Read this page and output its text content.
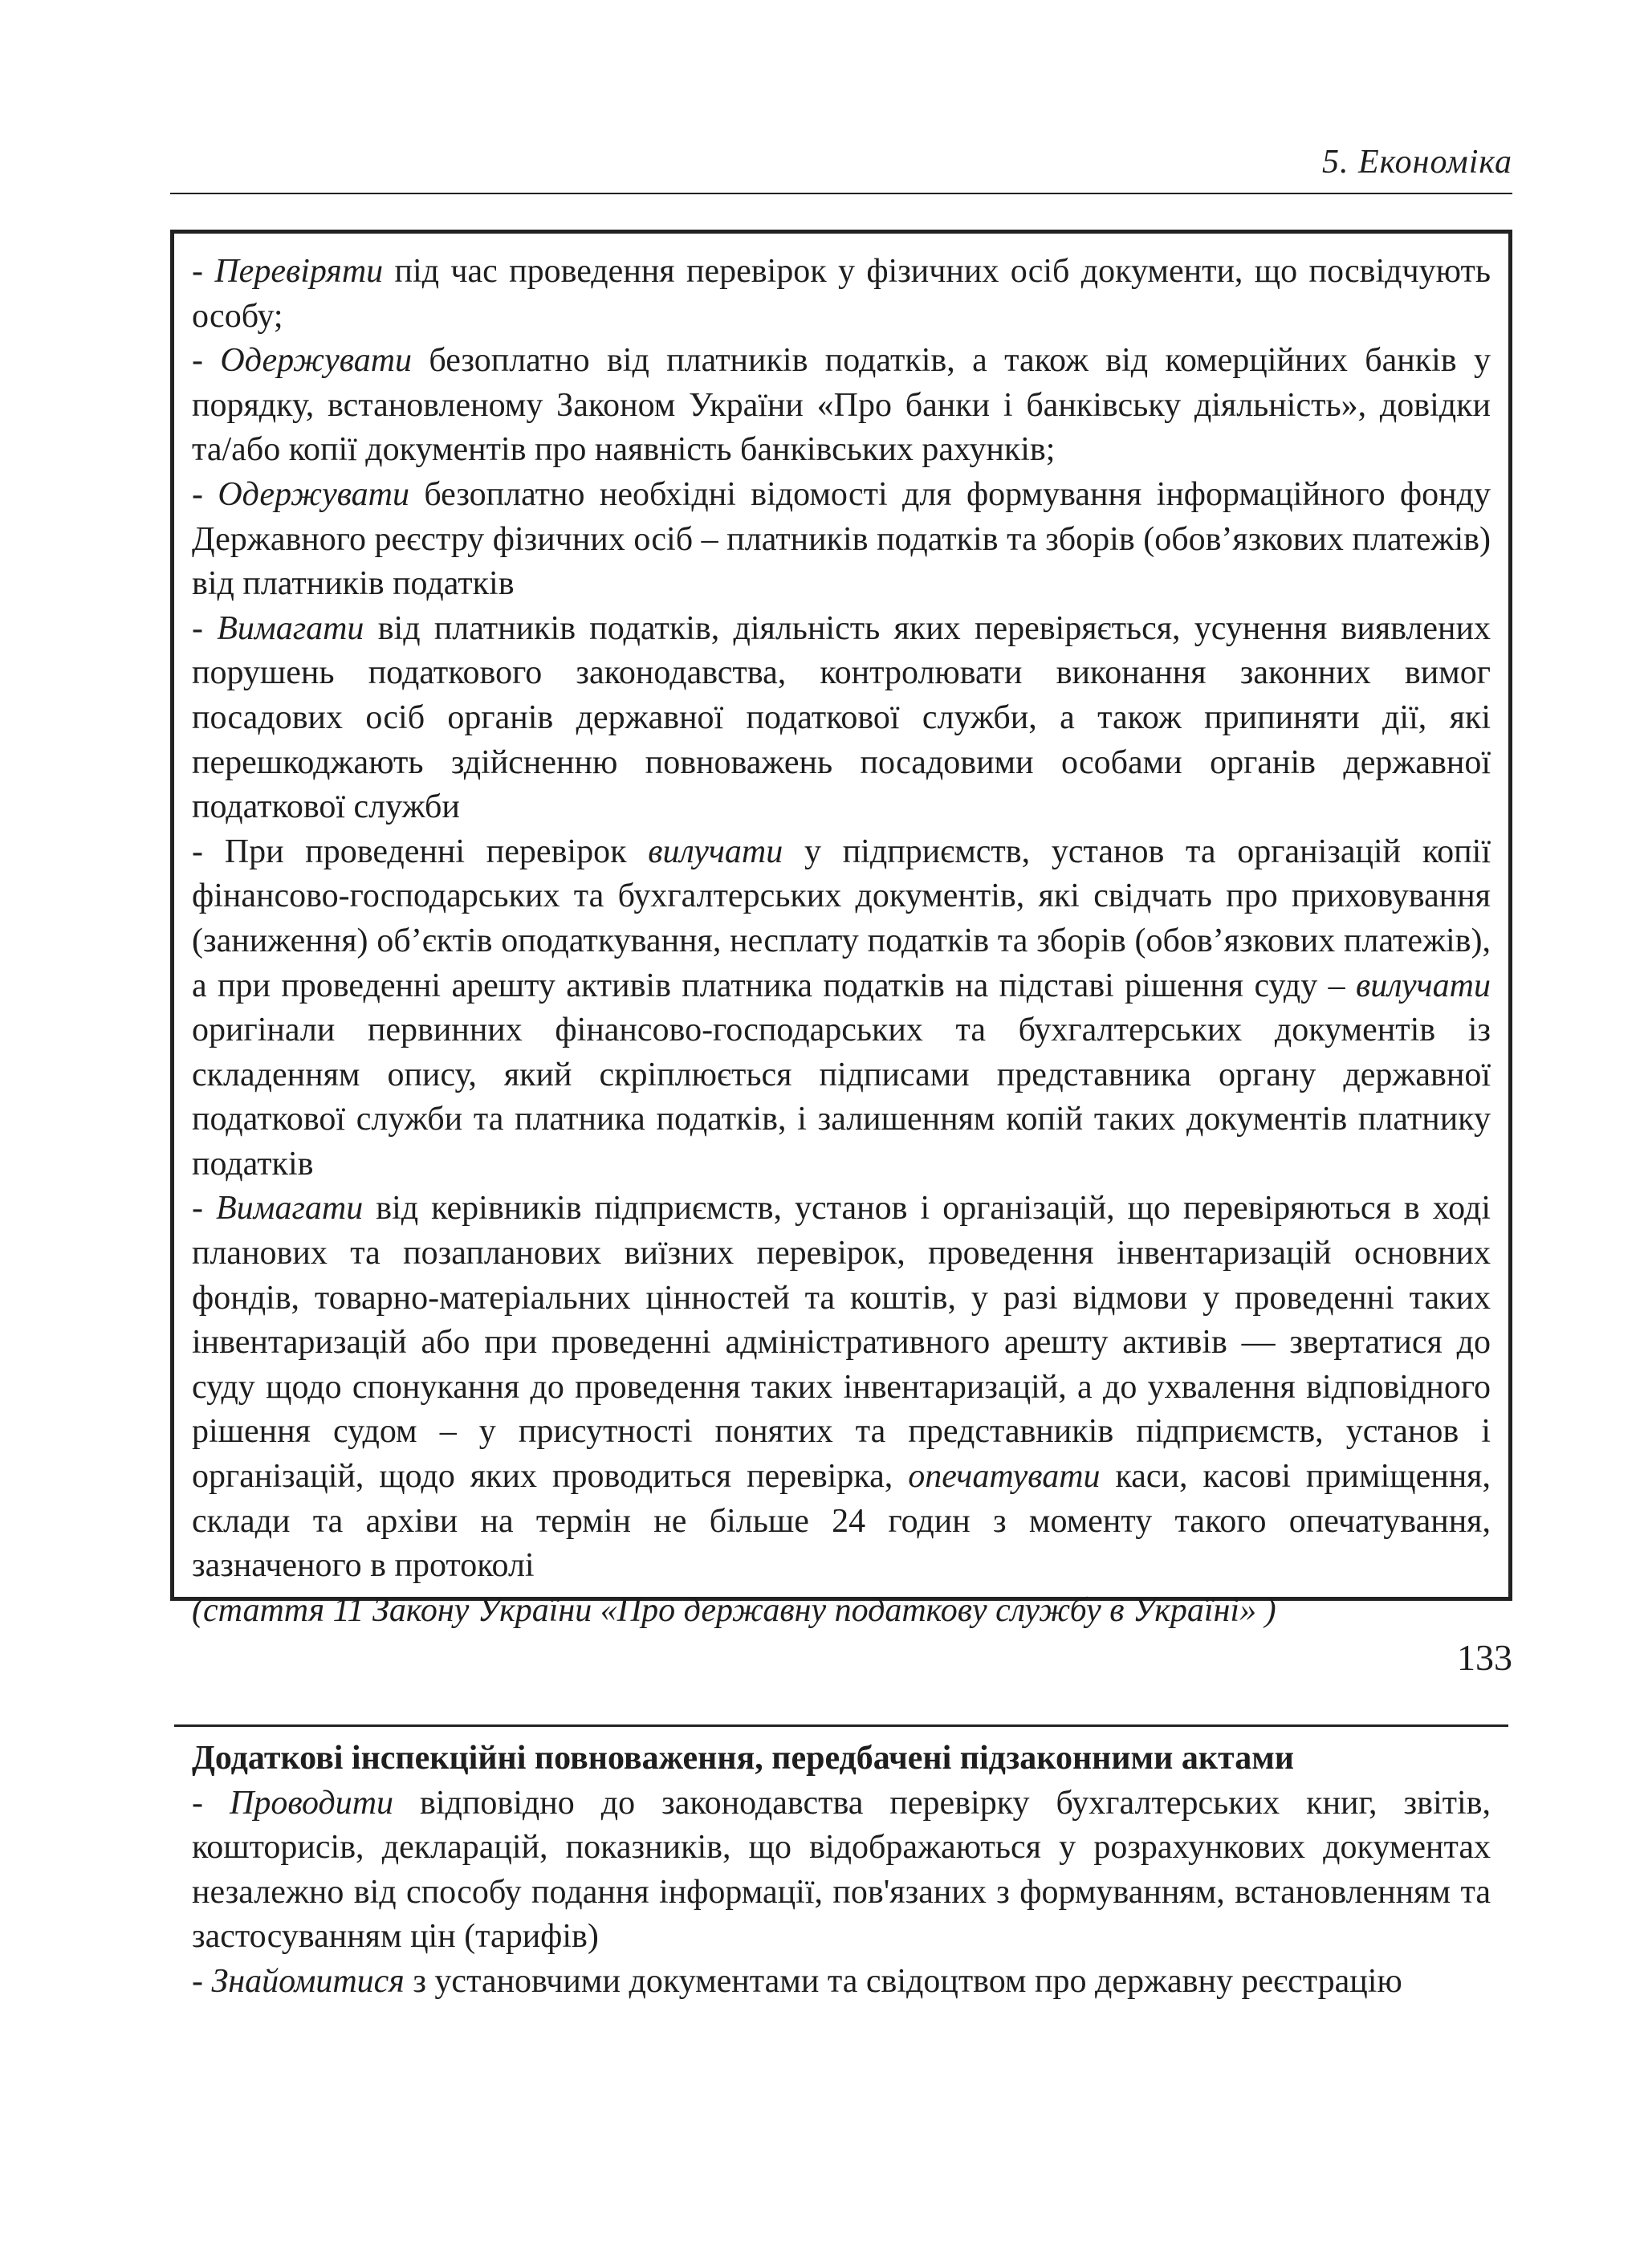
5. Економіка

- Перевіряти під час проведення перевірок у фізичних осіб документи, що посвідчують особу;

- Одержувати безоплатно від платників податків, а також від комерційних банків у порядку, встановленому Законом України «Про банки і банківську діяльність», довідки та/або копії документів про наявність банківських рахунків;

- Одержувати безоплатно необхідні відомості для формування інформаційного фонду Державного реєстру фізичних осіб – платників податків та зборів (обов’язкових платежів) від платників податків

- Вимагати від платників податків, діяльність яких перевіряється, усунення виявлених порушень податкового законодавства, контролювати виконання законних вимог посадових осіб органів державної податкової служби, а також припиняти дії, які перешкоджають здійсненню повноважень посадовими особами органів державної податкової служби

- При проведенні перевірок вилучати у підприємств, установ та організацій копії фінансово-господарських та бухгалтерських документів, які свідчать про приховування (заниження) об’єктів оподаткування, несплату податків та зборів (обов’язкових платежів), а при проведенні арешту активів платника податків на підставі рішення суду – вилучати оригінали первинних фінансово-господарських та бухгалтерських документів із складенням опису, який скріплюється підписами представника органу державної податкової служби та платника податків, і залишенням копій таких документів платнику податків

- Вимагати від керівників підприємств, установ і організацій, що перевіряються в ході планових та позапланових виїзних перевірок, проведення інвентаризацій основних фондів, товарно-матеріальних цінностей та коштів, у разі відмови у проведенні таких інвентаризацій або при проведенні адміністративного арешту активів — звертатися до суду щодо спонукання до проведення таких інвентаризацій, а до ухвалення відповідного рішення судом – у присутності понятих та представників підприємств, установ і організацій, щодо яких проводиться перевірка, опечатувати каси, касові приміщення, склади та архіви на термін не більше 24 годин з моменту такого опечатування, зазначеного в протоколі

(стаття 11 Закону України «Про державну податкову службу в Україні» )

Додаткові інспекційні повноваження, передбачені підзаконними актами

- Проводити відповідно до законодавства перевірку бухгалтерських книг, звітів, кошторисів, декларацій, показників, що відображаються у розрахункових документах незалежно від способу подання інформації, пов'язаних з формуванням, встановленням та застосуванням цін (тарифів)

- Знайомитися з установчими документами та свідоцтвом про державну реєстрацію

133
